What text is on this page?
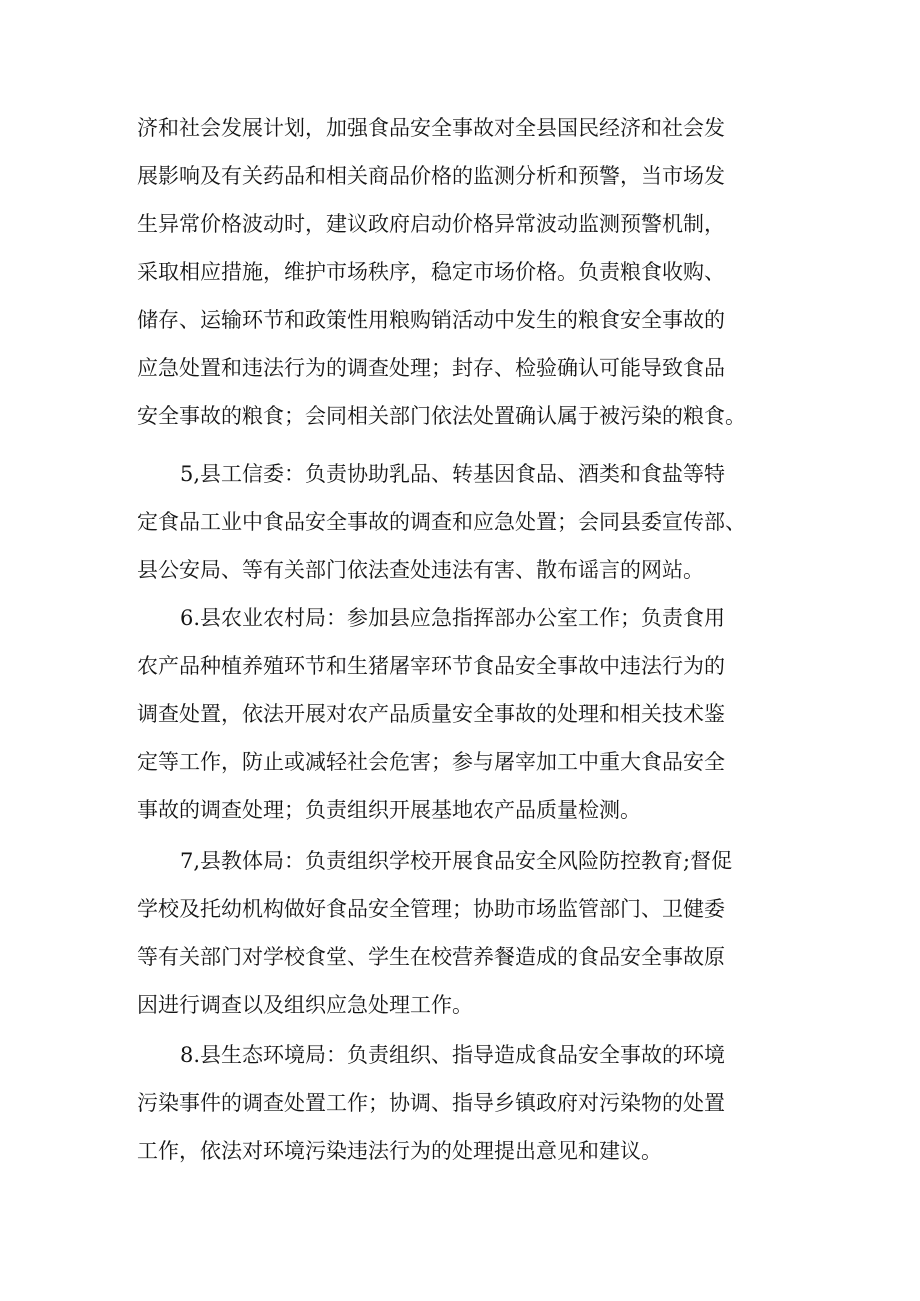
济和社会发展计划，加强食品安全事故对全县国民经济和社会发
展影响及有关药品和相关商品价格的监测分析和预警，当市场发
生异常价格波动时，建议政府启动价格异常波动监测预警机制，
采取相应措施，维护市场秩序，稳定市场价格。负责粮食收购、
储存、运输环节和政策性用粮购销活动中发生的粮食安全事故的
应急处置和违法行为的调查处理；封存、检验确认可能导致食品
安全事故的粮食；会同相关部门依法处置确认属于被污染的粮食。
5,县工信委：负责协助乳品、转基因食品、酒类和食盐等特
定食品工业中食品安全事故的调查和应急处置；会同县委宣传部、
县公安局、等有关部门依法查处违法有害、散布谣言的网站。
6.县农业农村局：参加县应急指挥部办公室工作；负责食用
农产品种植养殖环节和生猪屠宰环节食品安全事故中违法行为的
调查处置，依法开展对农产品质量安全事故的处理和相关技术鉴
定等工作，防止或减轻社会危害；参与屠宰加工中重大食品安全
事故的调查处理；负责组织开展基地农产品质量检测。
7,县教体局：负责组织学校开展食品安全风险防控教育;督促
学校及托幼机构做好食品安全管理；协助市场监管部门、卫健委
等有关部门对学校食堂、学生在校营养餐造成的食品安全事故原
因进行调查以及组织应急处理工作。
8.县生态环境局：负责组织、指导造成食品安全事故的环境
污染事件的调查处置工作；协调、指导乡镇政府对污染物的处置
工作，依法对环境污染违法行为的处理提出意见和建议。
